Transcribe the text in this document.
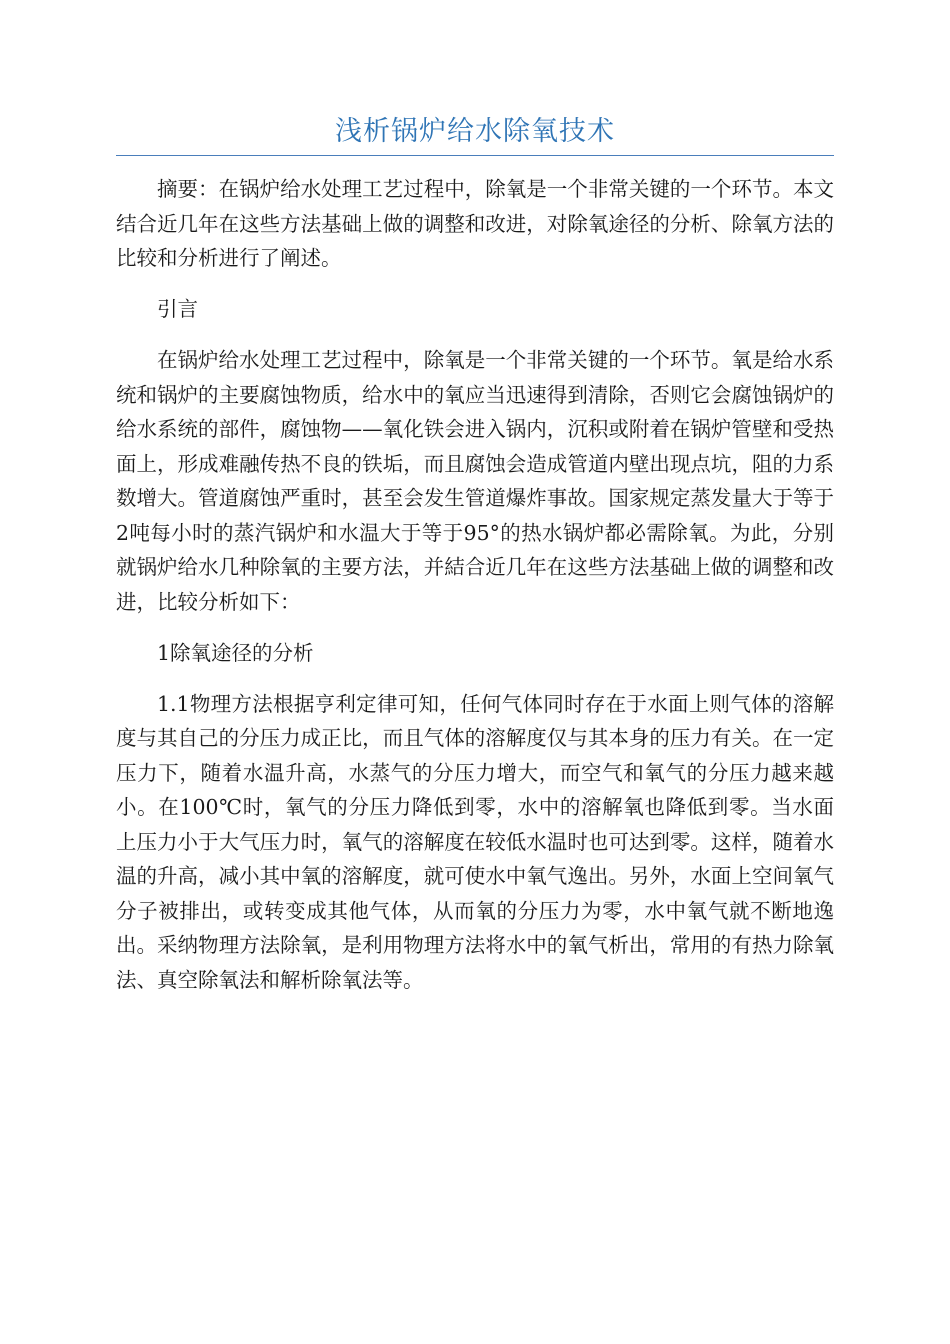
浅析锅炉给水除氧技术

摘要：在锅炉给水处理工艺过程中，除氧是一个非常关键的一个环节。本文结合近几年在这些方法基础上做的调整和改进，对除氧途径的分析、除氧方法的比较和分析进行了阐述。

引言

在锅炉给水处理工艺过程中，除氧是一个非常关键的一个环节。氧是给水系统和锅炉的主要腐蚀物质，给水中的氧应当迅速得到清除，否则它会腐蚀锅炉的给水系统的部件，腐蚀物——氧化铁会进入锅内，沉积或附着在锅炉管壁和受热面上，形成难融传热不良的铁垢，而且腐蚀会造成管道内壁出现点坑，阻的力系数增大。管道腐蚀严重时，甚至会发生管道爆炸事故。国家规定蒸发量大于等于2吨每小时的蒸汽锅炉和水温大于等于95°的热水锅炉都必需除氧。为此，分别就锅炉给水几种除氧的主要方法，并結合近几年在这些方法基础上做的调整和改进，比较分析如下：

1除氧途径的分析

1.1物理方法根据亨利定律可知，任何气体同时存在于水面上则气体的溶解度与其自己的分压力成正比，而且气体的溶解度仅与其本身的压力有关。在一定压力下，随着水温升高，水蒸气的分压力增大，而空气和氧气的分压力越来越小。在100℃时，氧气的分压力降低到零，水中的溶解氧也降低到零。当水面上压力小于大气压力时，氧气的溶解度在较低水温时也可达到零。这样，随着水温的升高，减小其中氧的溶解度，就可使水中氧气逸出。另外，水面上空间氧气分子被排出，或转变成其他气体，从而氧的分压力为零，水中氧气就不断地逸出。采纳物理方法除氧，是利用物理方法将水中的氧气析出，常用的有热力除氧法、真空除氧法和解析除氧法等。
